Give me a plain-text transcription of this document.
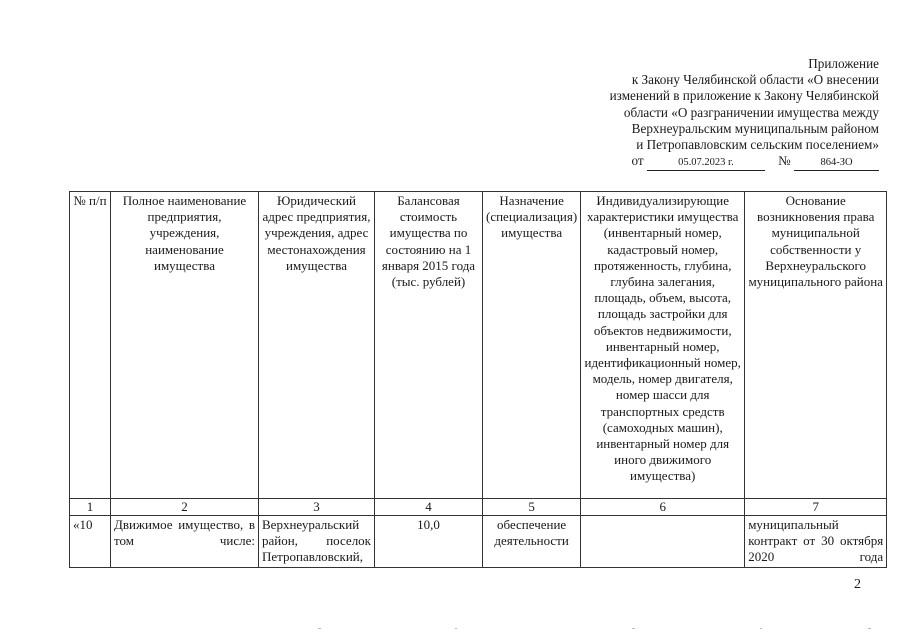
Приложение
к Закону Челябинской области «О внесении
изменений в приложение к Закону Челябинской
области «О разграничении имущества между
Верхнеуральским муниципальным районом
и Петропавловским сельским поселением»
от	05.07.2023 г.	№	864-ЗО
№ п/п	Полное наименование предприятия, учреждения, наименование имущества	Юридический адрес предприятия, учреждения, адрес местонахождения имущества	Балансовая стоимость имущества по состоянию на 1 января 2015 года (тыс. рублей)	Назначение (специализация) имущества	Индивидуализирующие характеристики имущества (инвентарный номер, кадастровый номер, протяженность, глубина, глубина залегания, площадь, объем, высота, площадь застройки для объектов недвижимости, инвентарный номер, идентификационный номер, модель, номер двигателя, номер шасси для транспортных средств (самоходных машин), инвентарный номер для иного движимого имущества)	Основание возникновения права муниципальной собственности у Верхнеуральского муниципального района
1	2	3	4	5	6	7
«10	Движимое имущество, в том числе:	Верхнеуральский район, поселок Петропавловский,	10,0	обеспечение деятельности		муниципальный контракт от 30 октября 2020 года
2
